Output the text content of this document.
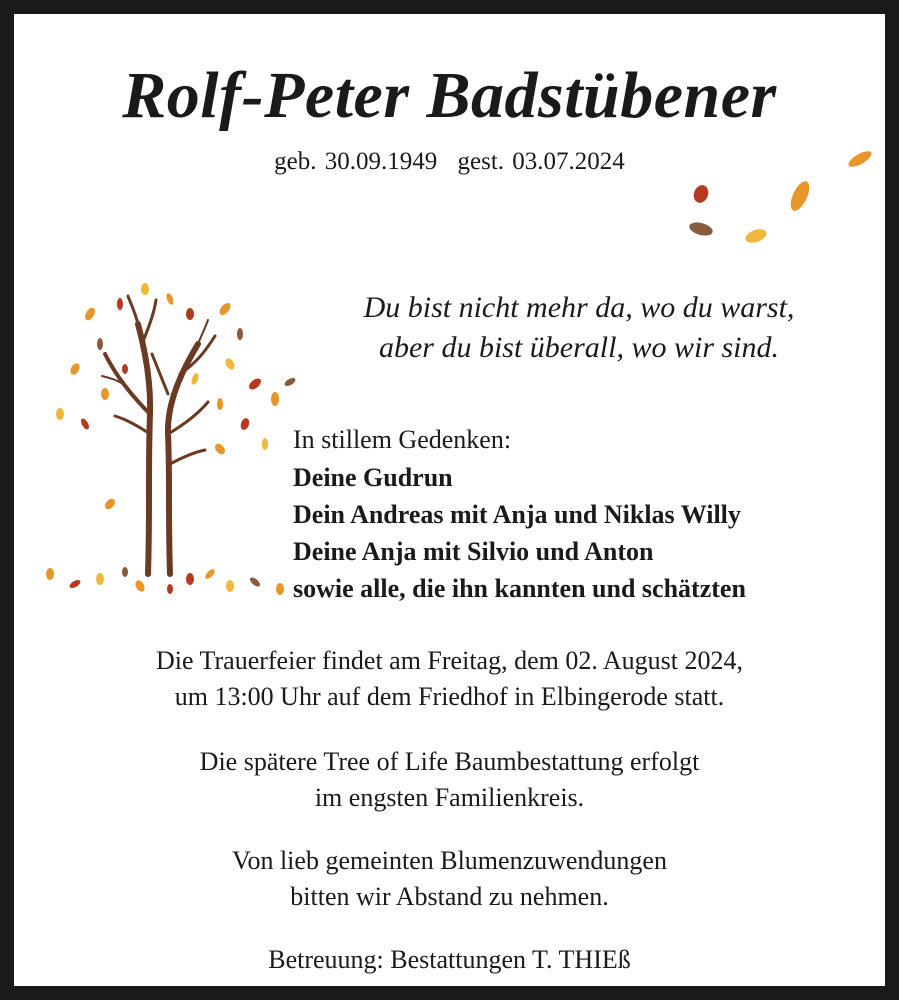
Rolf-Peter Badstübener
geb. 30.09.1949 gest. 03.07.2024
Du bist nicht mehr da, wo du warst,
aber du bist überall, wo wir sind.
In stillem Gedenken:
Deine Gudrun
Dein Andreas mit Anja und Niklas Willy
Deine Anja mit Silvio und Anton
sowie alle, die ihn kannten und schätzten
Die Trauerfeier findet am Freitag, dem 02. August 2024,
um 13:00 Uhr auf dem Friedhof in Elbingerode statt.
Die spätere Tree of Life Baumbestattung erfolgt
im engsten Familienkreis.
Von lieb gemeinten Blumenzuwendungen
bitten wir Abstand zu nehmen.
Betreuung: Bestattungen T. THIEß
